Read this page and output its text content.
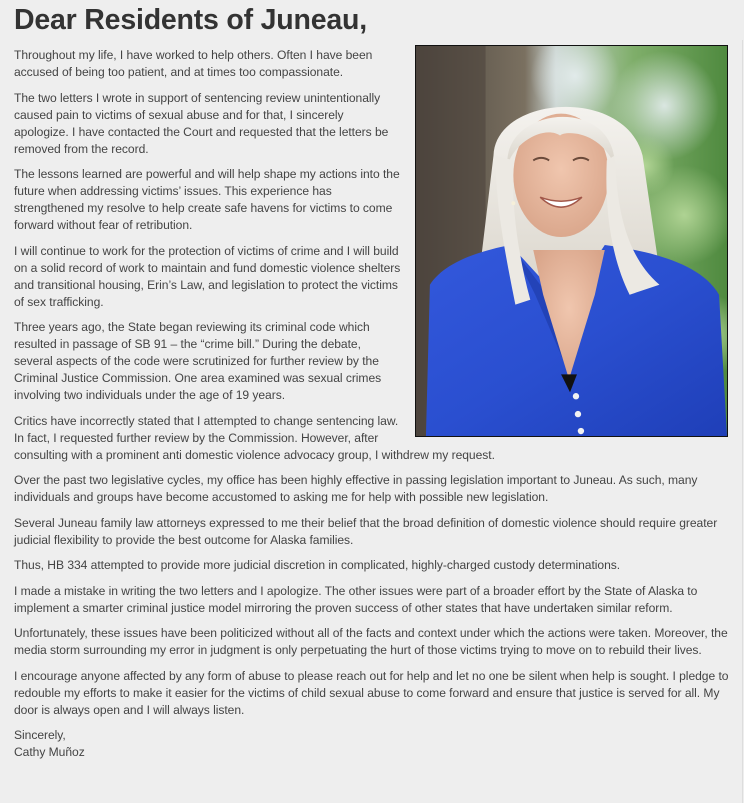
Dear Residents of Juneau,

Throughout my life, I have worked to help others. Often I have been accused of being too patient, and at times too compassionate.

The two letters I wrote in support of sentencing review unintentionally caused pain to victims of sexual abuse and for that, I sincerely apologize. I have contacted the Court and requested that the letters be removed from the record.

The lessons learned are powerful and will help shape my actions into the future when addressing victims’ issues. This experience has strengthened my resolve to help create safe havens for victims to come forward without fear of retribution.

I will continue to work for the protection of victims of crime and I will build on a solid record of work to maintain and fund domestic violence shelters and transitional housing, Erin’s Law, and legislation to protect the victims of sex trafficking.

Three years ago, the State began reviewing its criminal code which resulted in passage of SB 91 – the “crime bill.” During the debate, several aspects of the code were scrutinized for further review by the Criminal Justice Commission. One area examined was sexual crimes involving two individuals under the age of 19 years.

Critics have incorrectly stated that I attempted to change sentencing law. In fact, I requested further review by the Commission. However, after consulting with a prominent anti domestic violence advocacy group, I withdrew my request.

Over the past two legislative cycles, my office has been highly effective in passing legislation important to Juneau. As such, many individuals and groups have become accustomed to asking me for help with possible new legislation.

Several Juneau family law attorneys expressed to me their belief that the broad definition of domestic violence should require greater judicial flexibility to provide the best outcome for Alaska families.

Thus, HB 334 attempted to provide more judicial discretion in complicated, highly-charged custody determinations.

I made a mistake in writing the two letters and I apologize. The other issues were part of a broader effort by the State of Alaska to implement a smarter criminal justice model mirroring the proven success of other states that have undertaken similar reform.

Unfortunately, these issues have been politicized without all of the facts and context under which the actions were taken. Moreover, the media storm surrounding my error in judgment is only perpetuating the hurt of those victims trying to move on to rebuild their lives.

I encourage anyone affected by any form of abuse to please reach out for help and let no one be silent when help is sought. I pledge to redouble my efforts to make it easier for the victims of child sexual abuse to come forward and ensure that justice is served for all. My door is always open and I will always listen.

Sincerely,
Cathy Muñoz
